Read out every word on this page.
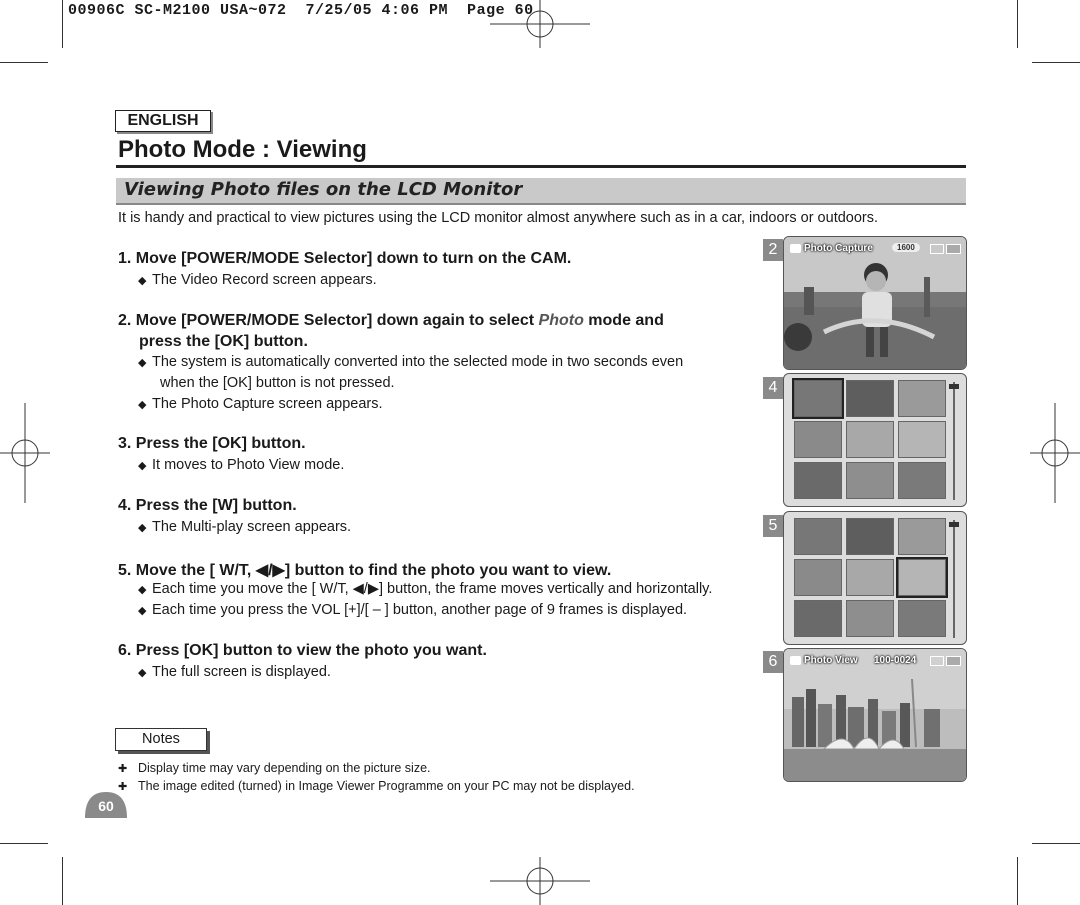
00906C SC-M2100 USA~072  7/25/05 4:06 PM  Page 60
ENGLISH
Photo Mode : Viewing
Viewing Photo files on the LCD Monitor
It is handy and practical to view pictures using the LCD monitor almost anywhere such as in a car, indoors or outdoors.
1. Move [POWER/MODE Selector] down to turn on the CAM.
◆ The Video Record screen appears.
2. Move [POWER/MODE Selector] down again to select Photo mode and
press the [OK] button.
◆ The system is automatically converted into the selected mode in two seconds even
when the [OK] button is not pressed.
◆ The Photo Capture screen appears.
3. Press the [OK] button.
◆ It moves to Photo View mode.
4. Press the [W] button.
◆ The Multi-play screen appears.
5. Move the [ W/T, ◀/▶] button to find the photo you want to view.
◆ Each time you move the [ W/T, ◀/▶] button, the frame moves vertically and horizontally.
◆ Each time you press the VOL [+]/[ – ] button, another page of 9 frames is displayed.
6. Press [OK] button to view the photo you want.
◆ The full screen is displayed.
Notes
✚ Display time may vary depending on the picture size.
✚ The image edited (turned) in Image Viewer Programme on your PC may not be displayed.
60
2	Photo Capture	1600
4
5
6	Photo View 100-0024
